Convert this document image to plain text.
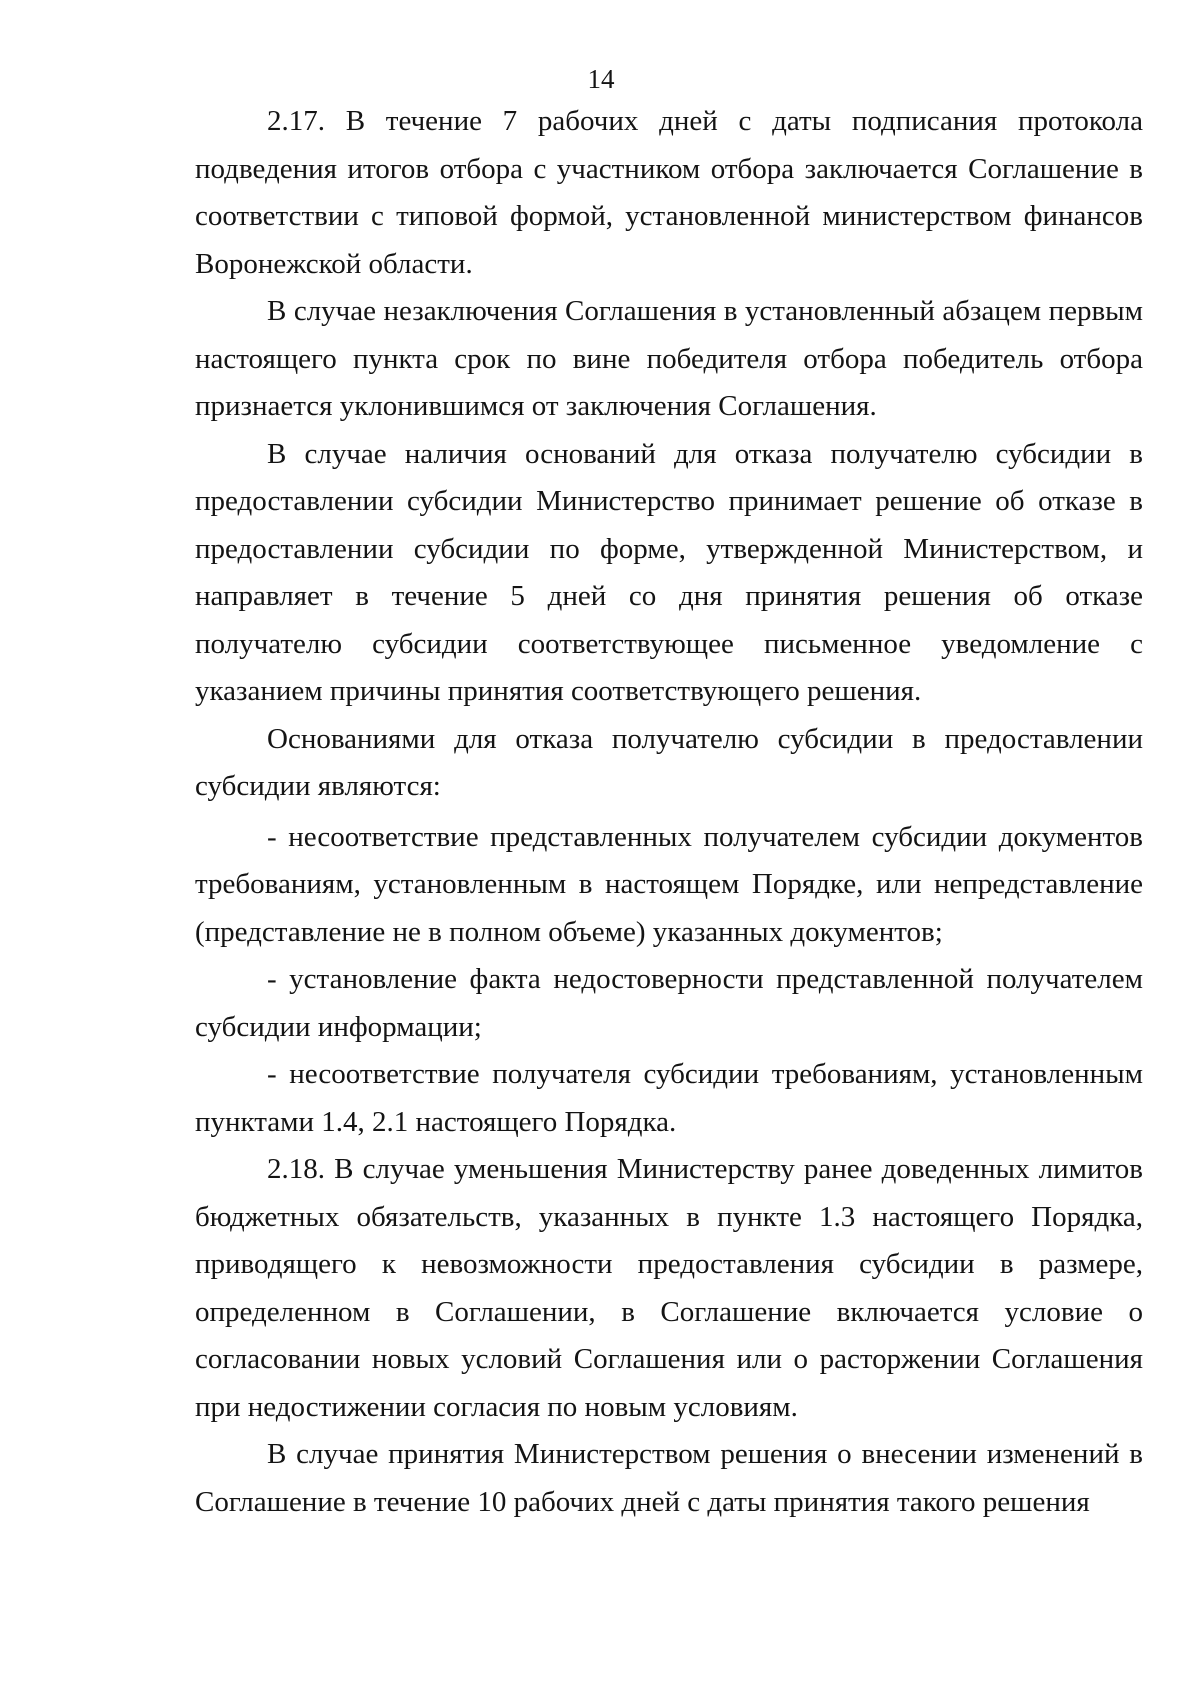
14

2.17. В течение 7 рабочих дней с даты подписания протокола подведения итогов отбора с участником отбора заключается Соглашение в соответствии с типовой формой, установленной министерством финансов Воронежской области.

В случае незаключения Соглашения в установленный абзацем первым настоящего пункта срок по вине победителя отбора победитель отбора признается уклонившимся от заключения Соглашения.

В случае наличия оснований для отказа получателю субсидии в предоставлении субсидии Министерство принимает решение об отказе в предоставлении субсидии по форме, утвержденной Министерством, и направляет в течение 5 дней со дня принятия решения об отказе получателю субсидии соответствующее письменное уведомление с указанием причины принятия соответствующего решения.

Основаниями для отказа получателю субсидии в предоставлении субсидии являются:

- несоответствие представленных получателем субсидии документов требованиям, установленным в настоящем Порядке, или непредставление (представление не в полном объеме) указанных документов;

- установление факта недостоверности представленной получателем субсидии информации;

- несоответствие получателя субсидии требованиям, установленным пунктами 1.4, 2.1 настоящего Порядка.

2.18. В случае уменьшения Министерству ранее доведенных лимитов бюджетных обязательств, указанных в пункте 1.3 настоящего Порядка, приводящего к невозможности предоставления субсидии в размере, определенном в Соглашении, в Соглашение включается условие о согласовании новых условий Соглашения или о расторжении Соглашения при недостижении согласия по новым условиям.

В случае принятия Министерством решения о внесении изменений в Соглашение в течение 10 рабочих дней с даты принятия такого решения
